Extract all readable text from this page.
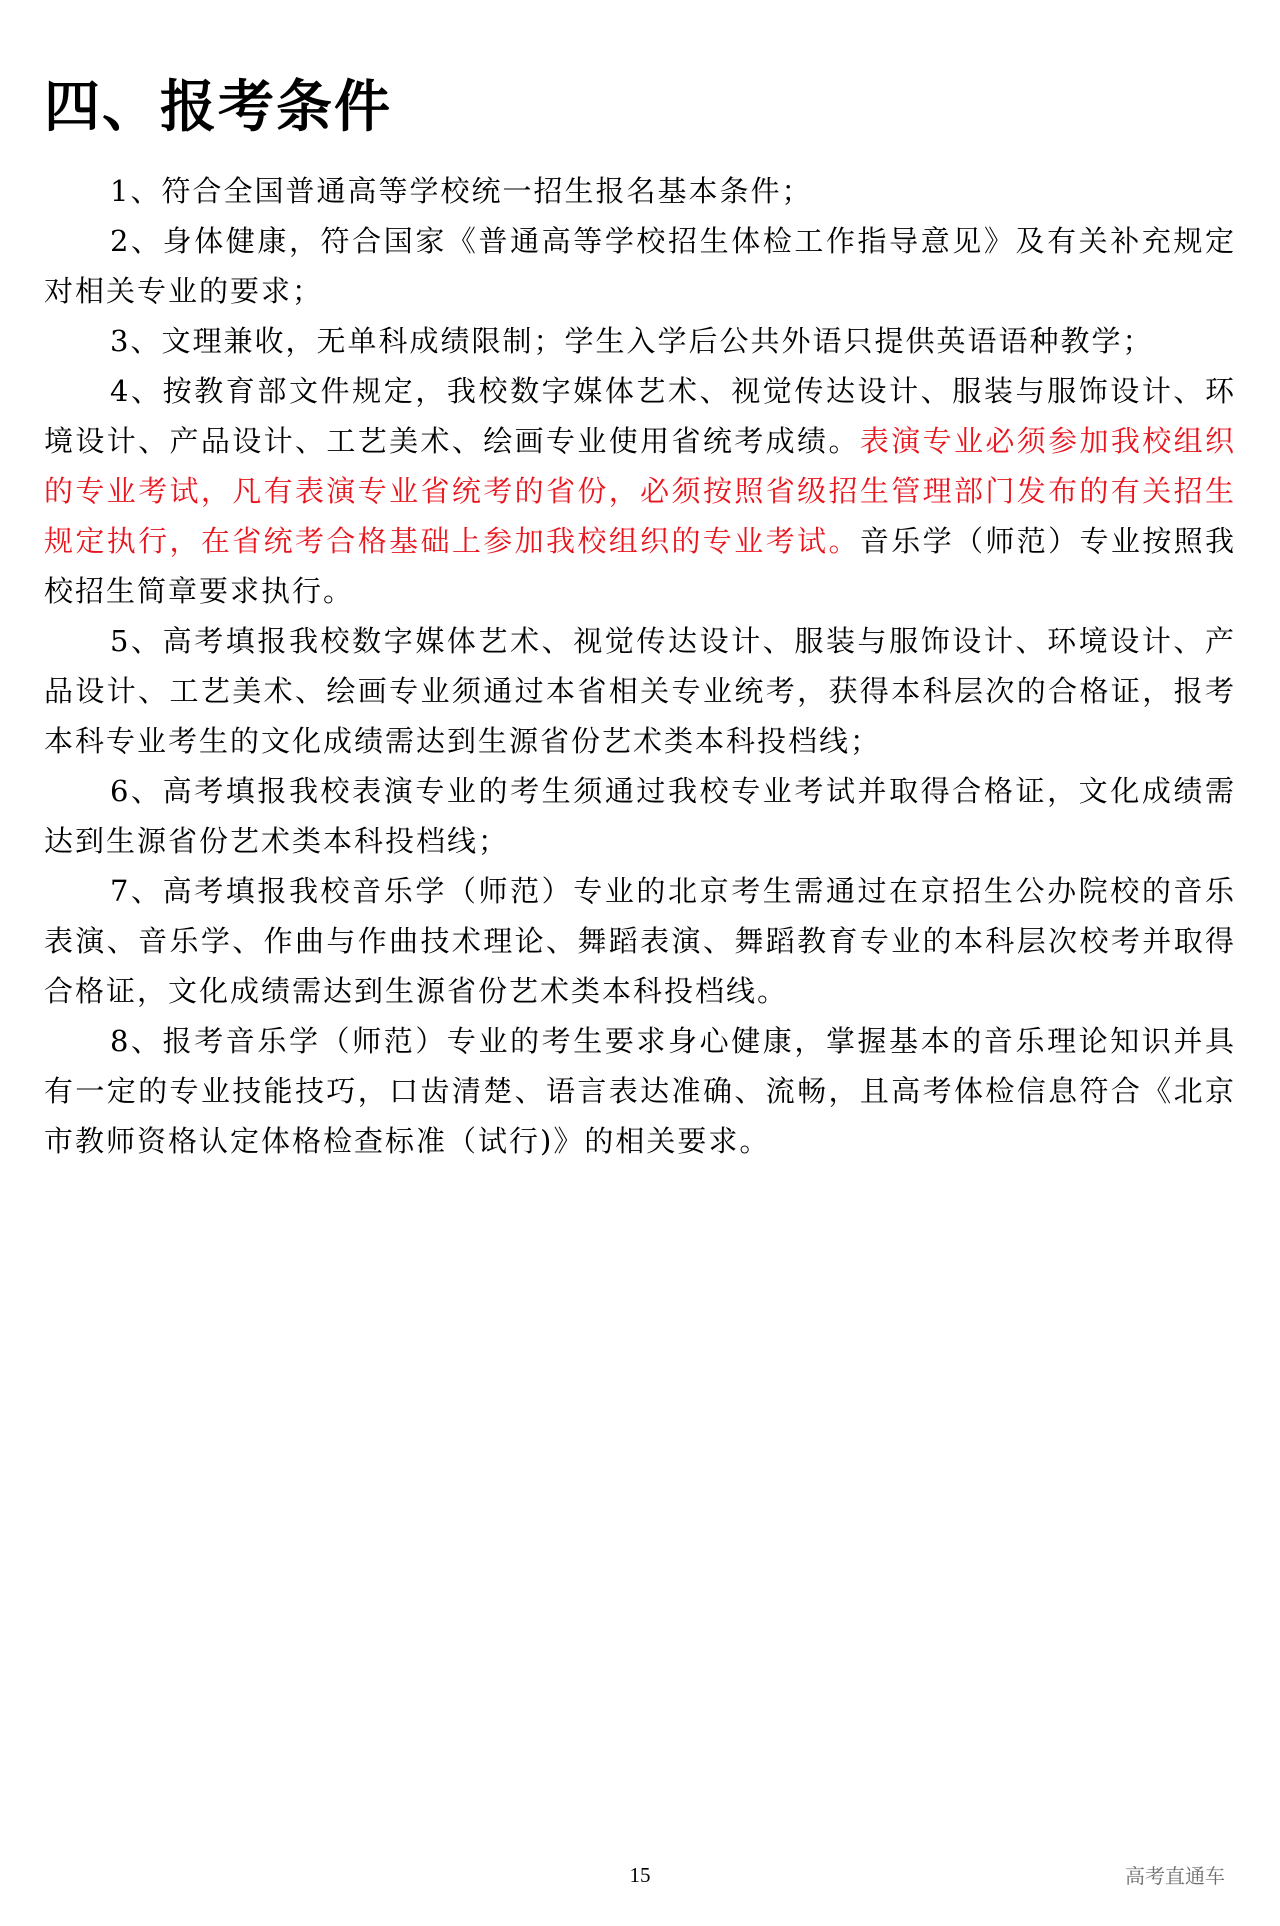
四、报考条件

1、符合全国普通高等学校统一招生报名基本条件；

2、身体健康，符合国家《普通高等学校招生体检工作指导意见》及有关补充规定对相关专业的要求；

3、文理兼收，无单科成绩限制；学生入学后公共外语只提供英语语种教学；

4、按教育部文件规定，我校数字媒体艺术、视觉传达设计、服装与服饰设计、环境设计、产品设计、工艺美术、绘画专业使用省统考成绩。表演专业必须参加我校组织的专业考试，凡有表演专业省统考的省份，必须按照省级招生管理部门发布的有关招生规定执行，在省统考合格基础上参加我校组织的专业考试。音乐学（师范）专业按照我校招生简章要求执行。

5、高考填报我校数字媒体艺术、视觉传达设计、服装与服饰设计、环境设计、产品设计、工艺美术、绘画专业须通过本省相关专业统考，获得本科层次的合格证，报考本科专业考生的文化成绩需达到生源省份艺术类本科投档线；

6、高考填报我校表演专业的考生须通过我校专业考试并取得合格证，文化成绩需达到生源省份艺术类本科投档线；

7、高考填报我校音乐学（师范）专业的北京考生需通过在京招生公办院校的音乐表演、音乐学、作曲与作曲技术理论、舞蹈表演、舞蹈教育专业的本科层次校考并取得合格证，文化成绩需达到生源省份艺术类本科投档线。

8、报考音乐学（师范）专业的考生要求身心健康，掌握基本的音乐理论知识并具有一定的专业技能技巧，口齿清楚、语言表达准确、流畅，且高考体检信息符合《北京市教师资格认定体格检查标准（试行)》的相关要求。

15	高考直通车
